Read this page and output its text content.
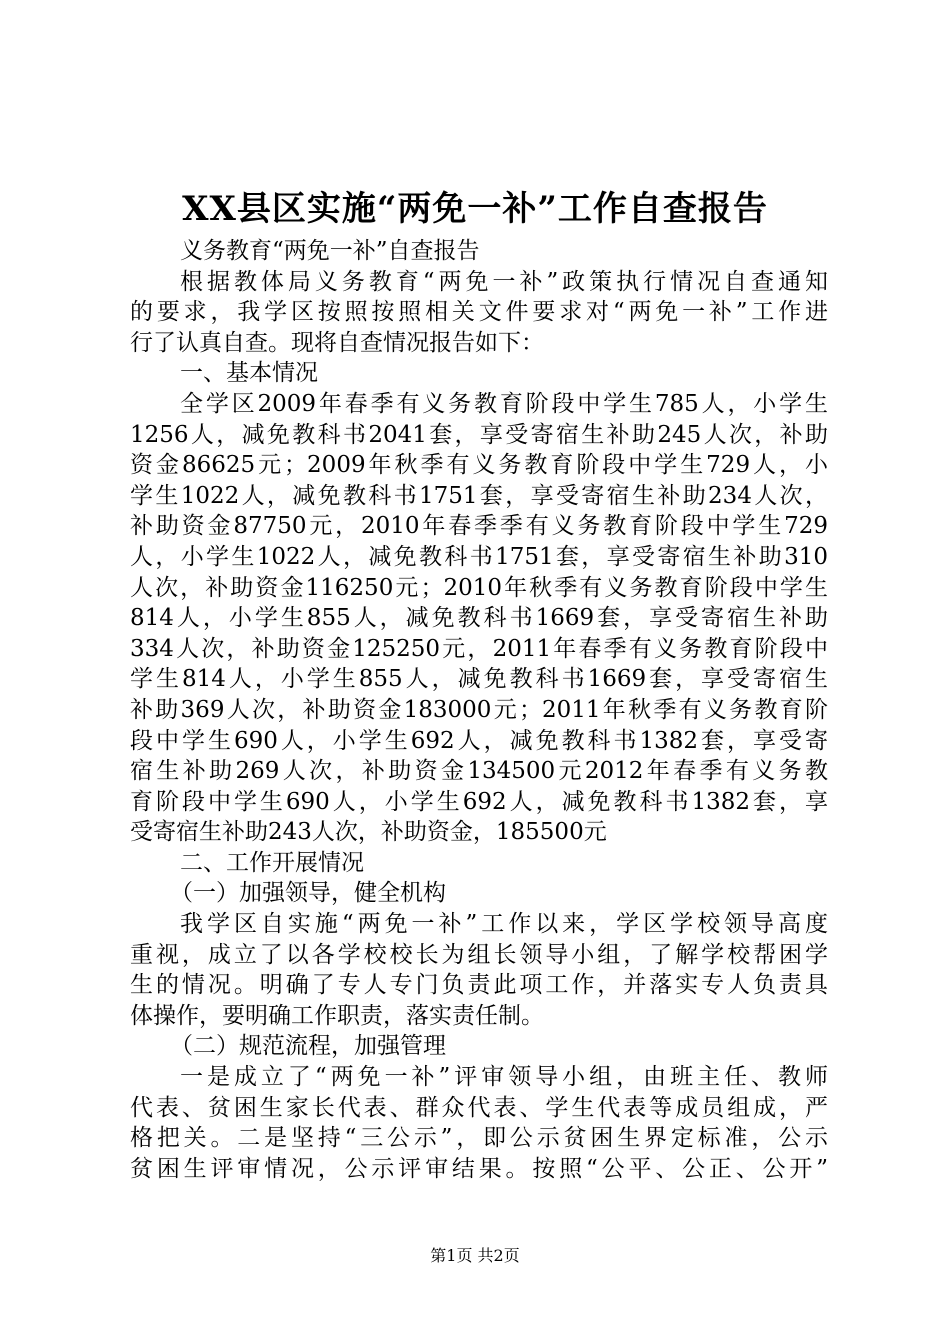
XX县区实施“两免一补”工作自查报告
义务教育“两免一补”自查报告
根据教体局义务教育“两免一补”政策执行情况自查通知
的要求，我学区按照按照相关文件要求对“两免一补”工作进
行了认真自查。现将自查情况报告如下：
一、基本情况
全学区2009年春季有义务教育阶段中学生785人，小学生
1256人，减免教科书2041套，享受寄宿生补助245人次，补助
资金86625元；2009年秋季有义务教育阶段中学生729人，小
学生1022人，减免教科书1751套，享受寄宿生补助234人次，
补助资金87750元，2010年春季季有义务教育阶段中学生729
人，小学生1022人，减免教科书1751套，享受寄宿生补助310
人次，补助资金116250元；2010年秋季有义务教育阶段中学生
814人，小学生855人，减免教科书1669套，享受寄宿生补助
334人次，补助资金125250元，2011年春季有义务教育阶段中
学生814人，小学生855人，减免教科书1669套，享受寄宿生
补助369人次，补助资金183000元；2011年秋季有义务教育阶
段中学生690人，小学生692人，减免教科书1382套，享受寄
宿生补助269人次，补助资金134500元2012年春季有义务教
育阶段中学生690人，小学生692人，减免教科书1382套，享
受寄宿生补助243人次，补助资金，185500元
二、工作开展情况
（一）加强领导，健全机构
我学区自实施“两免一补”工作以来，学区学校领导高度
重视，成立了以各学校校长为组长领导小组，了解学校帮困学
生的情况。明确了专人专门负责此项工作，并落实专人负责具
体操作，要明确工作职责，落实责任制。
（二）规范流程，加强管理
一是成立了“两免一补”评审领导小组，由班主任、教师
代表、贫困生家长代表、群众代表、学生代表等成员组成，严
格把关。二是坚持“三公示”，即公示贫困生界定标准，公示
贫困生评审情况，公示评审结果。按照“公平、公正、公开”
第1页 共2页
